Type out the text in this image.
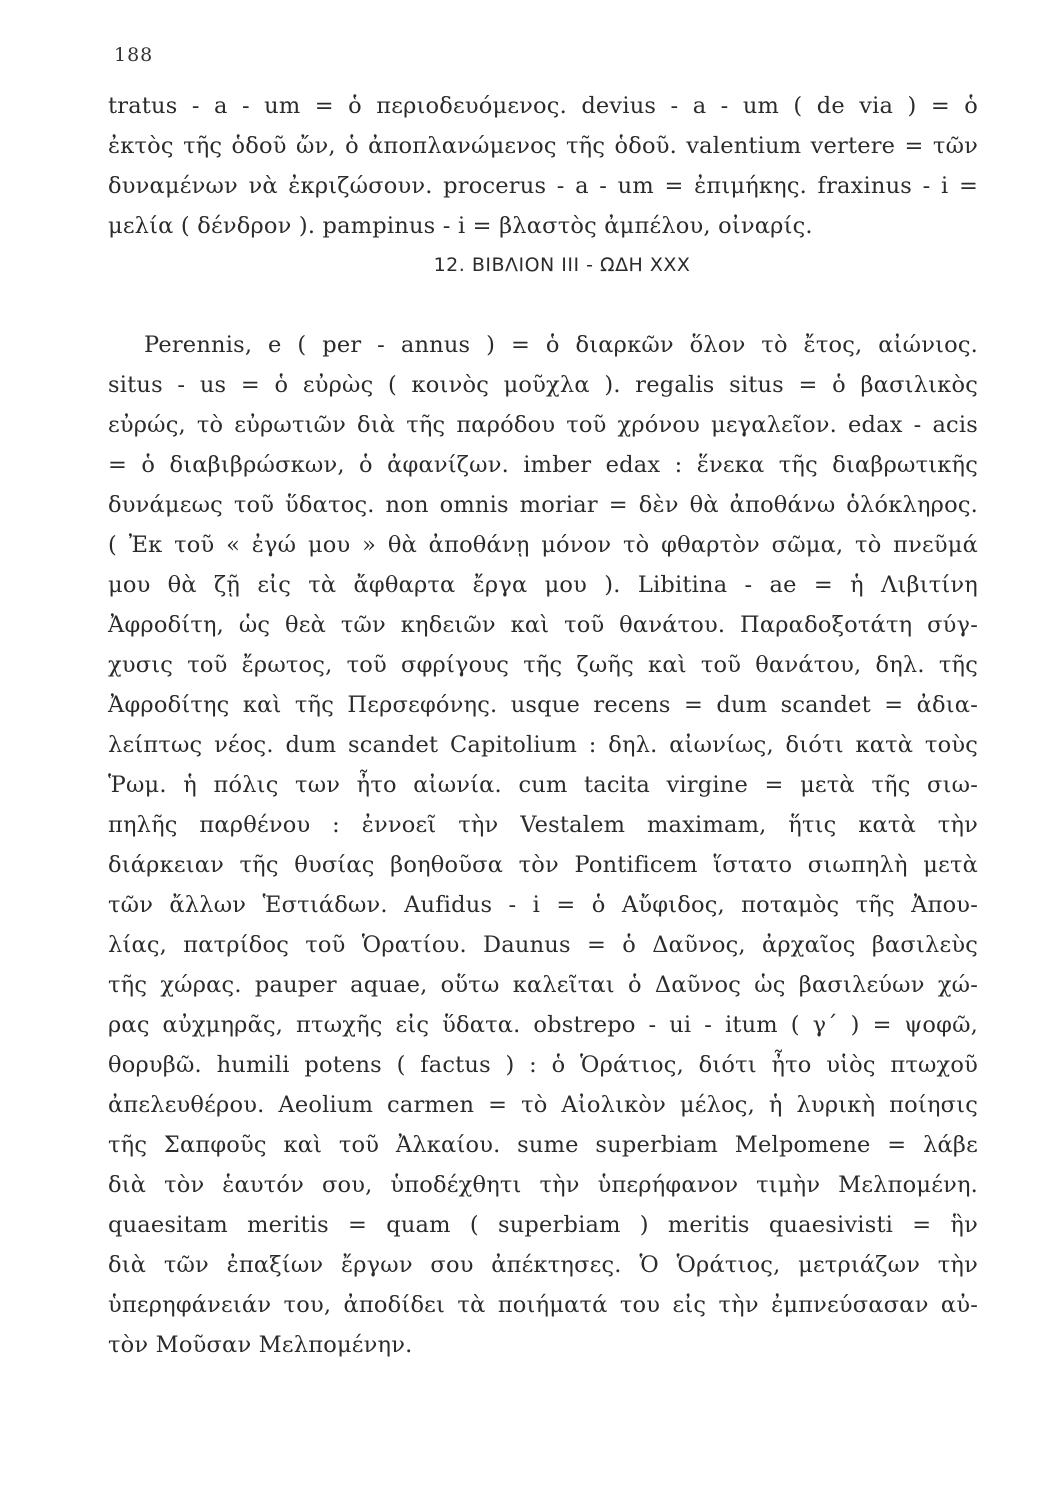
188
tratus - a - um = ὁ περιοδευόμενος. devius - a - um ( de via ) = ὁ
ἐκτὸς τῆς ὁδοῦ ὤν, ὁ ἀποπλανώμενος τῆς ὁδοῦ. valentium vertere = τῶν
δυναμένων νὰ ἐκριζώσουν. procerus - a - um = ἐπιμήκης. fraxinus - i =
μελία ( δένδρον ). pampinus - i = βλαστὸς ἀμπέλου, οἰναρίς.
12. ΒΙΒΛΙΟΝ III - ΩΔΗ XXX
Perennis, e ( per - annus ) = ὁ διαρκῶν ὅλον τὸ ἔτος, αἰώνιος.
situs - us = ὁ εὐρὼς ( κοινὸς μοῦχλα ). regalis situs = ὁ βασιλικὸς
εὐρώς, τὸ εὐρωτιῶν διὰ τῆς παρόδου τοῦ χρόνου μεγαλεῖον. edax - acis
= ὁ διαβιβρώσκων, ὁ ἀφανίζων. imber edax : ἕνεκα τῆς διαβρωτικῆς
δυνάμεως τοῦ ὕδατος. non omnis moriar = δὲν θὰ ἀποθάνω ὁλόκληρος.
( Ἐκ τοῦ « ἐγώ μου » θὰ ἀποθάνῃ μόνον τὸ φθαρτὸν σῶμα, τὸ πνεῦμά
μου θὰ ζῇ εἰς τὰ ἄφθαρτα ἔργα μου ). Libitina - ae = ἡ Λιβιτίνη
Ἀφροδίτη, ὡς θεὰ τῶν κηδειῶν καὶ τοῦ θανάτου. Παραδοξοτάτη σύγ-
χυσις τοῦ ἔρωτος, τοῦ σφρίγους τῆς ζωῆς καὶ τοῦ θανάτου, δηλ. τῆς
Ἀφροδίτης καὶ τῆς Περσεφόνης. usque recens = dum scandet = ἀδια-
λείπτως νέος. dum scandet Capitolium : δηλ. αἰωνίως, διότι κατὰ τοὺς
Ῥωμ. ἡ πόλις των ἦτο αἰωνία. cum tacita virgine = μετὰ τῆς σιω-
πηλῆς παρθένου : ἐννοεῖ τὴν Vestalem maximam, ἥτις κατὰ τὴν
διάρκειαν τῆς θυσίας βοηθοῦσα τὸν Pontificem ἵστατο σιωπηλὴ μετὰ
τῶν ἄλλων Ἑστιάδων. Aufidus - i = ὁ Αὔφιδος, ποταμὸς τῆς Ἀπου-
λίας, πατρίδος τοῦ Ὁρατίου. Daunus = ὁ Δαῦνος, ἀρχαῖος βασιλεὺς
τῆς χώρας. pauper aquae, οὕτω καλεῖται ὁ Δαῦνος ὡς βασιλεύων χώ-
ρας αὐχμηρᾶς, πτωχῆς εἰς ὕδατα. obstrepo - ui - itum ( γ΄ ) = ψοφῶ,
θορυβῶ. humili potens ( factus ) : ὁ Ὁράτιος, διότι ἦτο υἱὸς πτωχοῦ
ἀπελευθέρου. Aeolium carmen = τὸ Αἰολικὸν μέλος, ἡ λυρικὴ ποίησις
τῆς Σαπφοῦς καὶ τοῦ Ἀλκαίου. sume superbiam Melpomene = λάβε
διὰ τὸν ἑαυτόν σου, ὑποδέχθητι τὴν ὑπερήφανον τιμὴν Μελπομένη.
quaesitam meritis = quam ( superbiam ) meritis quaesivisti = ἣν
διὰ τῶν ἐπαξίων ἔργων σου ἀπέκτησες. Ὁ Ὁράτιος, μετριάζων τὴν
ὑπερηφάνειάν του, ἀποδίδει τὰ ποιήματά του εἰς τὴν ἐμπνεύσασαν αὐ-
τὸν Μοῦσαν Μελπομένην.
